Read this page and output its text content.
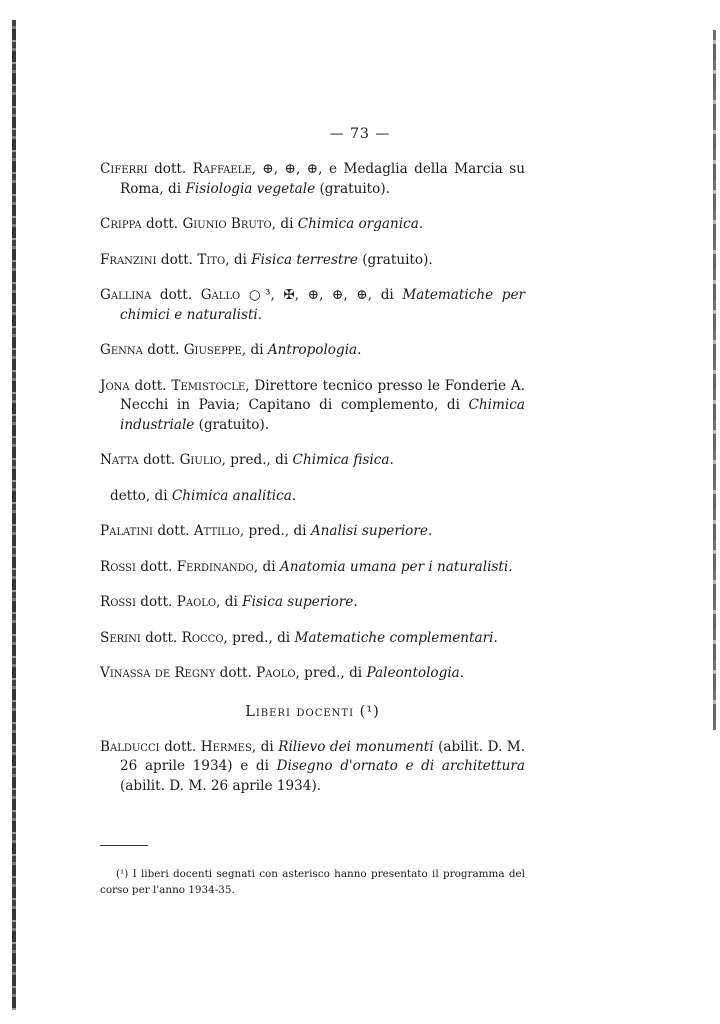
— 73 —

Ciferri dott. Raffaele, ⊕, ⊕, ⊕, e Medaglia della Marcia su Roma, di Fisiologia vegetale (gratuito).

Crippa dott. Giunio Bruto, di Chimica organica.

Franzini dott. Tito, di Fisica terrestre (gratuito).

Gallina dott. Gallo ○³, ✠, ⊕, ⊕, ⊕, di Matematiche per chimici e naturalisti.

Genna dott. Giuseppe, di Antropologia.

Jona dott. Temistocle, Direttore tecnico presso le Fonderie A. Necchi in Pavia; Capitano di complemento, di Chimica industriale (gratuito).

Natta dott. Giulio, pred., di Chimica fisica.

detto, di Chimica analitica.

Palatini dott. Attilio, pred., di Analisi superiore.

Rossi dott. Ferdinando, di Anatomia umana per i naturalisti.

Rossi dott. Paolo, di Fisica superiore.

Serini dott. Rocco, pred., di Matematiche complementari.

Vinassa de Regny dott. Paolo, pred., di Paleontologia.

Liberi docenti (¹)

Balducci dott. Hermes, di Rilievo dei monumenti (abilit. D. M. 26 aprile 1934) e di Disegno d'ornato e di architettura (abilit. D. M. 26 aprile 1934).

(¹) I liberi docenti segnati con asterisco hanno presentato il programma del corso per l'anno 1934-35.
